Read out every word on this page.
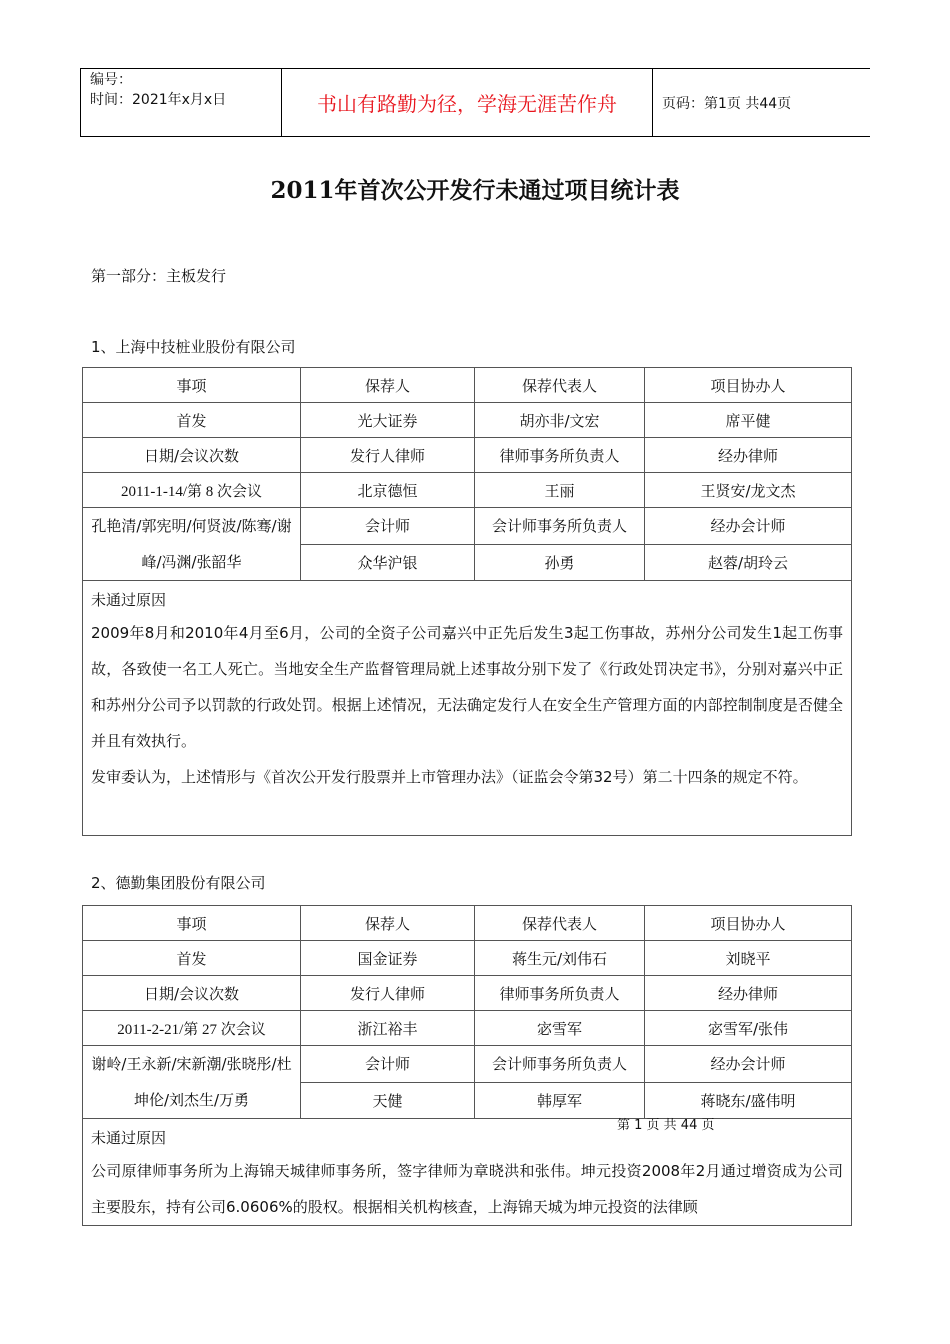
编号：
时间：2021年x月x日	书山有路勤为径，学海无涯苦作舟	页码：第1页 共44页
2011年首次公开发行未通过项目统计表
第一部分：主板发行
1、上海中技桩业股份有限公司
事项	保荐人	保荐代表人	项目协办人
首发	光大证券	胡亦非/文宏	席平健
日期/会议次数	发行人律师	律师事务所负责人	经办律师
2011-1-14/第 8 次会议	北京德恒	王丽	王贤安/龙文杰
孔艳清/郭宪明/何贤波/陈骞/谢峰/冯渊/张韶华	会计师	会计师事务所负责人	经办会计师
	众华沪银	孙勇	赵蓉/胡玲云

未通过原因
2009年8月和2010年4月至6月，公司的全资子公司嘉兴中正先后发生3起工伤事故，苏州分公司发生1起工伤事故，各致使一名工人死亡。当地安全生产监督管理局就上述事故分别下发了《行政处罚决定书》，分别对嘉兴中正和苏州分公司予以罚款的行政处罚。根据上述情况，无法确定发行人在安全生产管理方面的内部控制制度是否健全并且有效执行。
发审委认为，上述情形与《首次公开发行股票并上市管理办法》（证监会令第32号）第二十四条的规定不符。			
2、德勤集团股份有限公司
事项	保荐人	保荐代表人	项目协办人
首发	国金证券	蒋生元/刘伟石	刘晓平
日期/会议次数	发行人律师	律师事务所负责人	经办律师
2011-2-21/第 27 次会议	浙江裕丰	宓雪军	宓雪军/张伟
谢岭/王永新/宋新潮/张晓彤/杜坤伦/刘杰生/万勇	会计师	会计师事务所负责人	经办会计师
	天健	韩厚军	蒋晓东/盛伟明

未通过原因
公司原律师事务所为上海锦天城律师事务所，签字律师为章晓洪和张伟。坤元投资2008年2月通过增资成为公司主要股东，持有公司6.0606%的股权。根据相关机构核查，上海锦天城为坤元投资的法律顾			
第 1 页 共 44 页
